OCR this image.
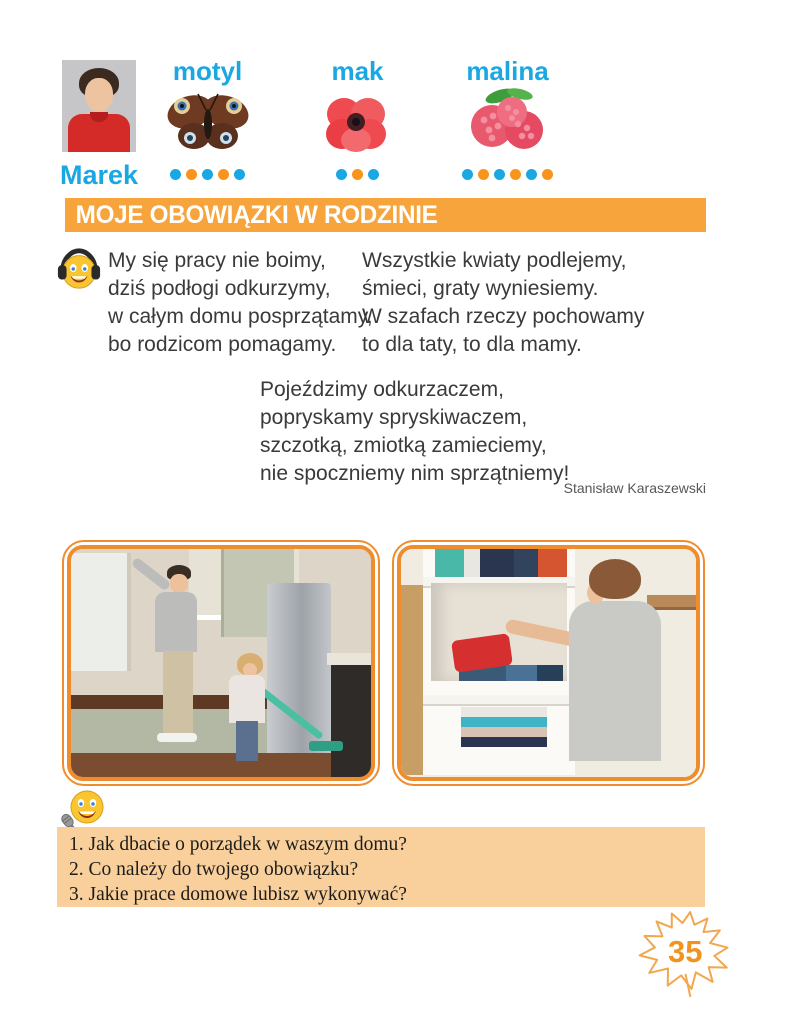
Marek
motyl	mak	malina
MOJE OBOWIĄZKI W RODZINIE
My się pracy nie boimy,
dziś podłogi odkurzymy,
w całym domu posprzątamy,
bo rodzicom pomagamy.
Wszystkie kwiaty podlejemy,
śmieci, graty wyniesiemy.
W szafach rzeczy pochowamy
to dla taty, to dla mamy.
Pojeździmy odkurzaczem,
popryskamy spryskiwaczem,
szczotką, zmiotką zamieciemy,
nie spoczniemy nim sprzątniemy!
Stanisław Karaszewski
1. Jak dbacie o porządek w waszym domu?
2. Co należy do twojego obowiązku?
3. Jakie prace domowe lubisz wykonywać?
35
